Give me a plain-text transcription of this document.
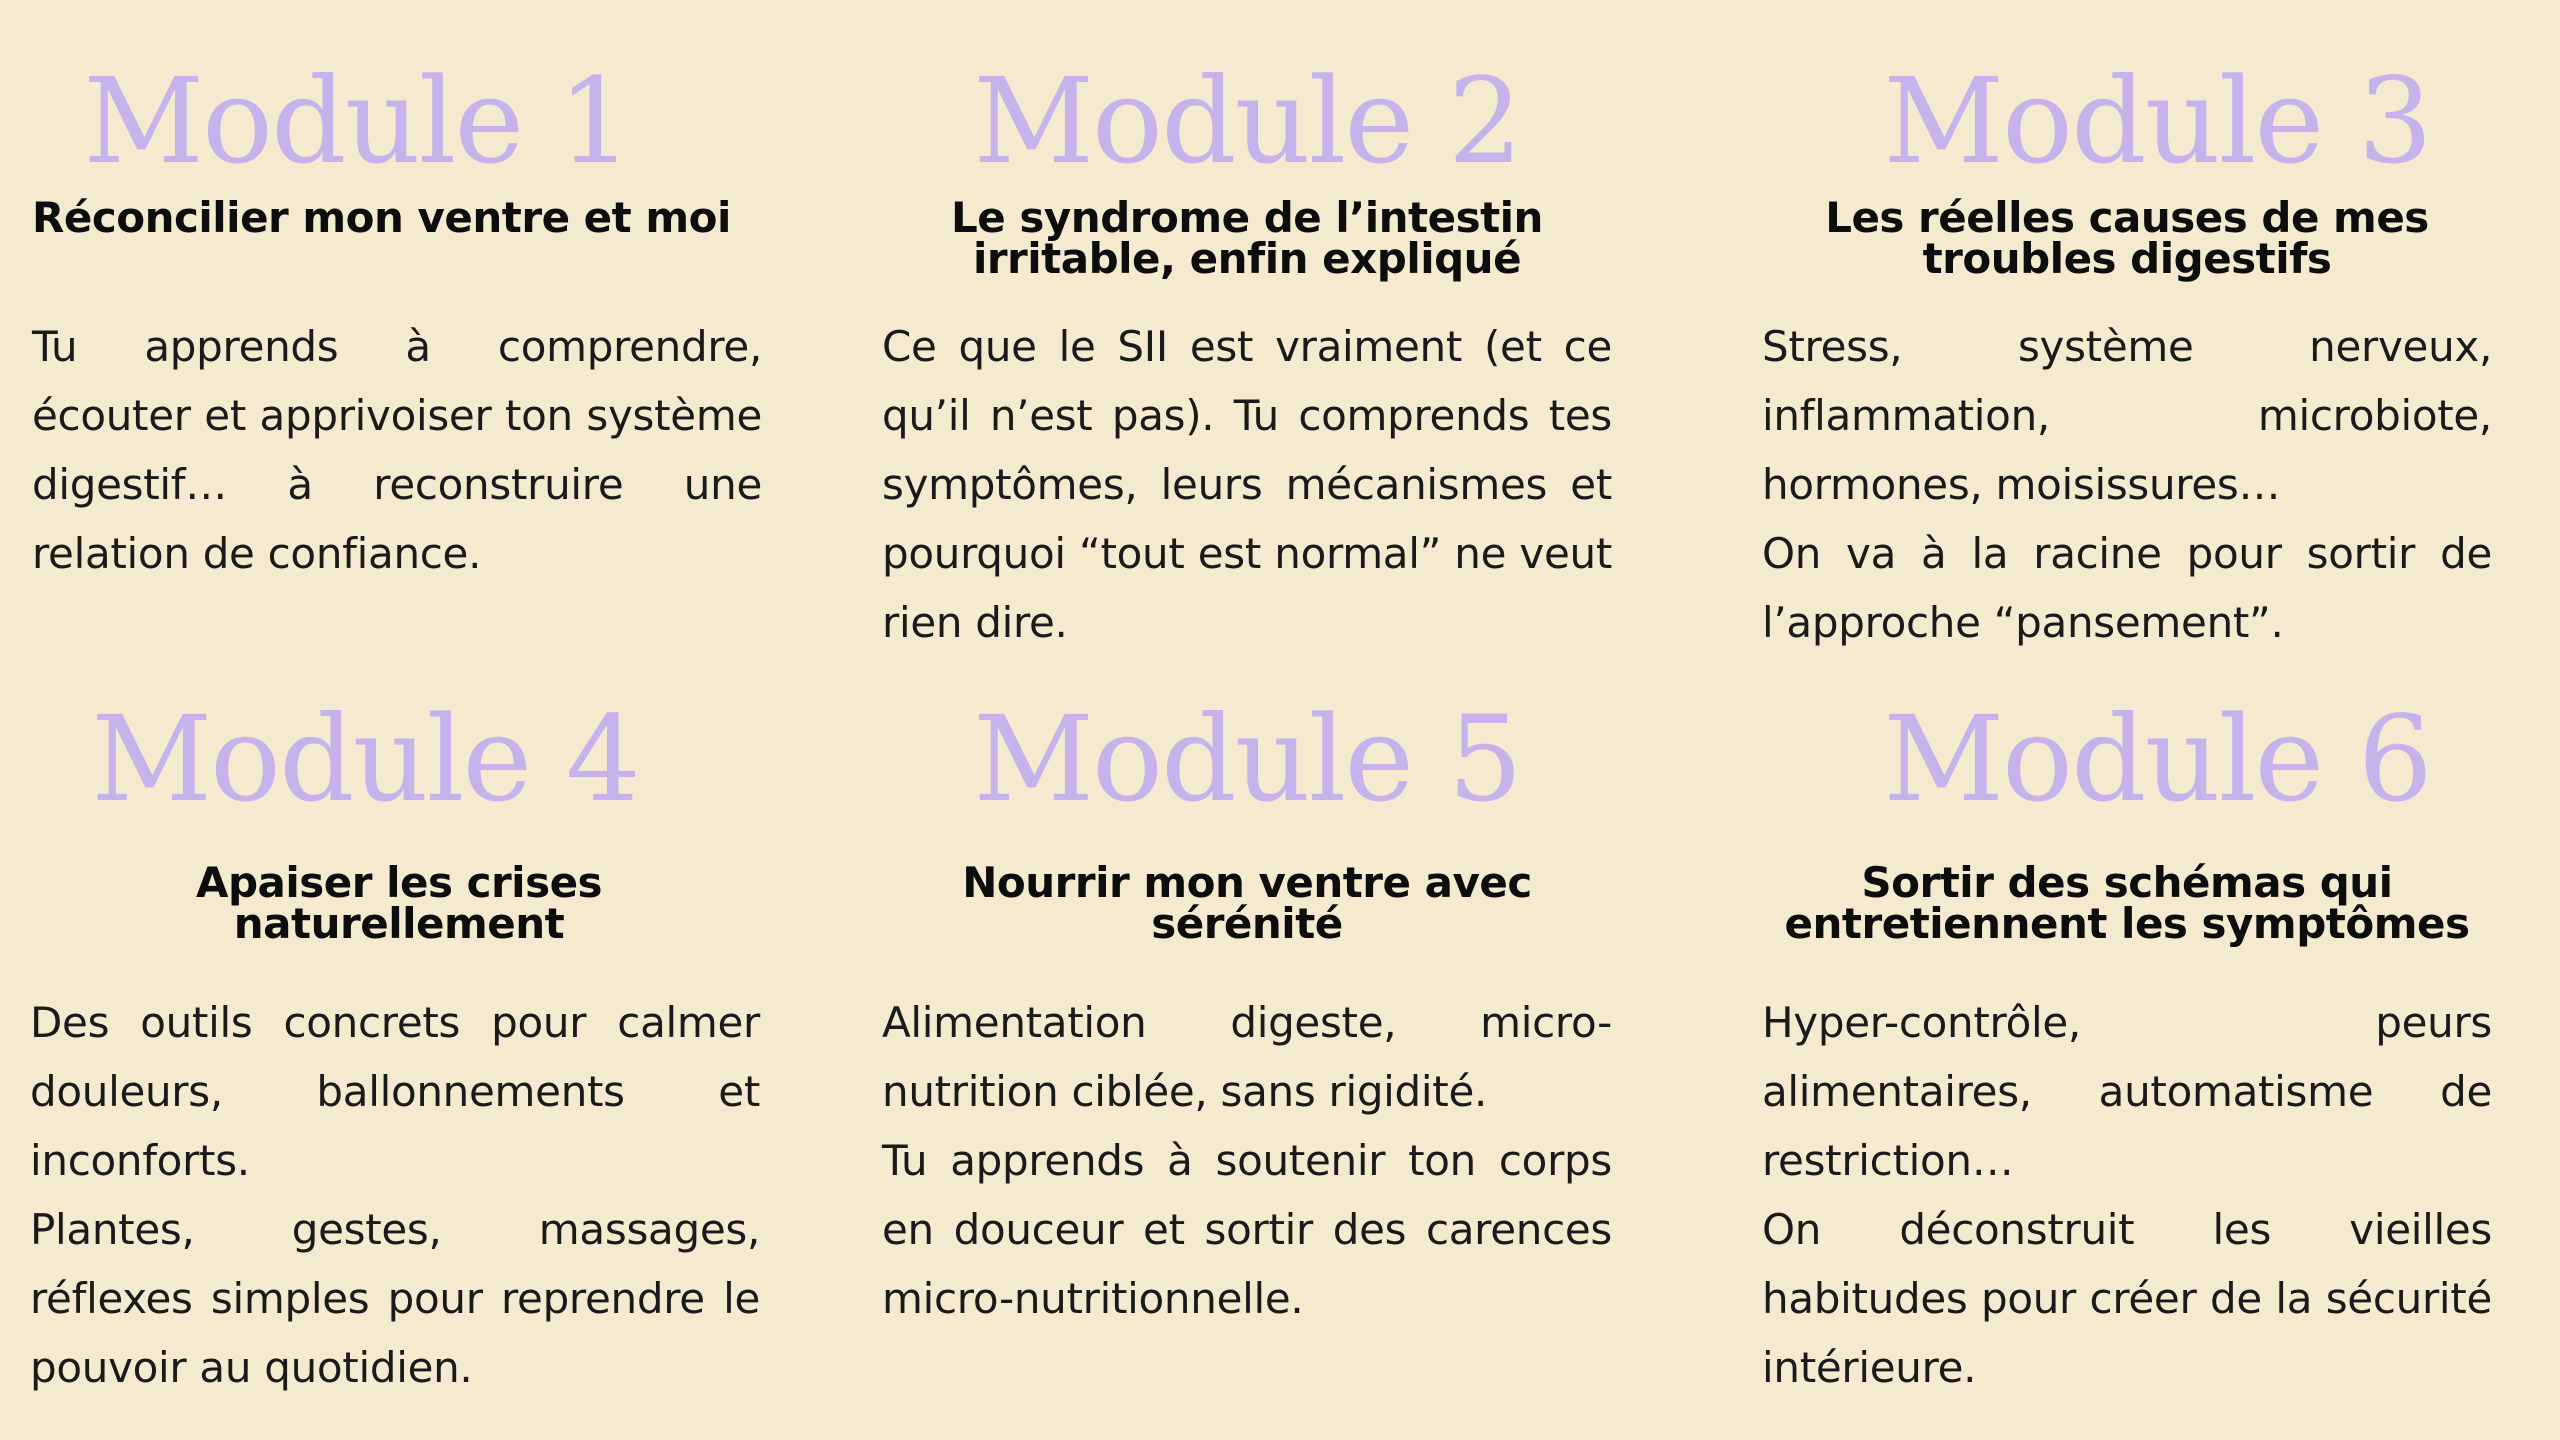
Module 1
Réconcilier mon ventre et moi
Tu apprends à comprendre, écouter et apprivoiser ton système digestif… à reconstruire une relation de confiance.
Module 2
Le syndrome de l’intestin irritable, enfin expliqué
Ce que le SII est vraiment (et ce qu’il n’est pas). Tu comprends tes symptômes, leurs mécanismes et pourquoi “tout est normal” ne veut rien dire.
Module 3
Les réelles causes de mes troubles digestifs
Stress, système nerveux, inflammation, microbiote, hormones, moisissures…
On va à la racine pour sortir de l’approche “pansement”.
Module 4
Apaiser les crises naturellement
Des outils concrets pour calmer douleurs, ballonnements et inconforts.
Plantes, gestes, massages, réflexes simples pour reprendre le pouvoir au quotidien.
Module 5
Nourrir mon ventre avec sérénité
Alimentation digeste, micro-nutrition ciblée, sans rigidité.
Tu apprends à soutenir ton corps en douceur et sortir des carences micro-nutritionnelle.
Module 6
Sortir des schémas qui entretiennent les symptômes
Hyper-contrôle, peurs alimentaires, automatisme de restriction…
On déconstruit les vieilles habitudes pour créer de la sécurité intérieure.
